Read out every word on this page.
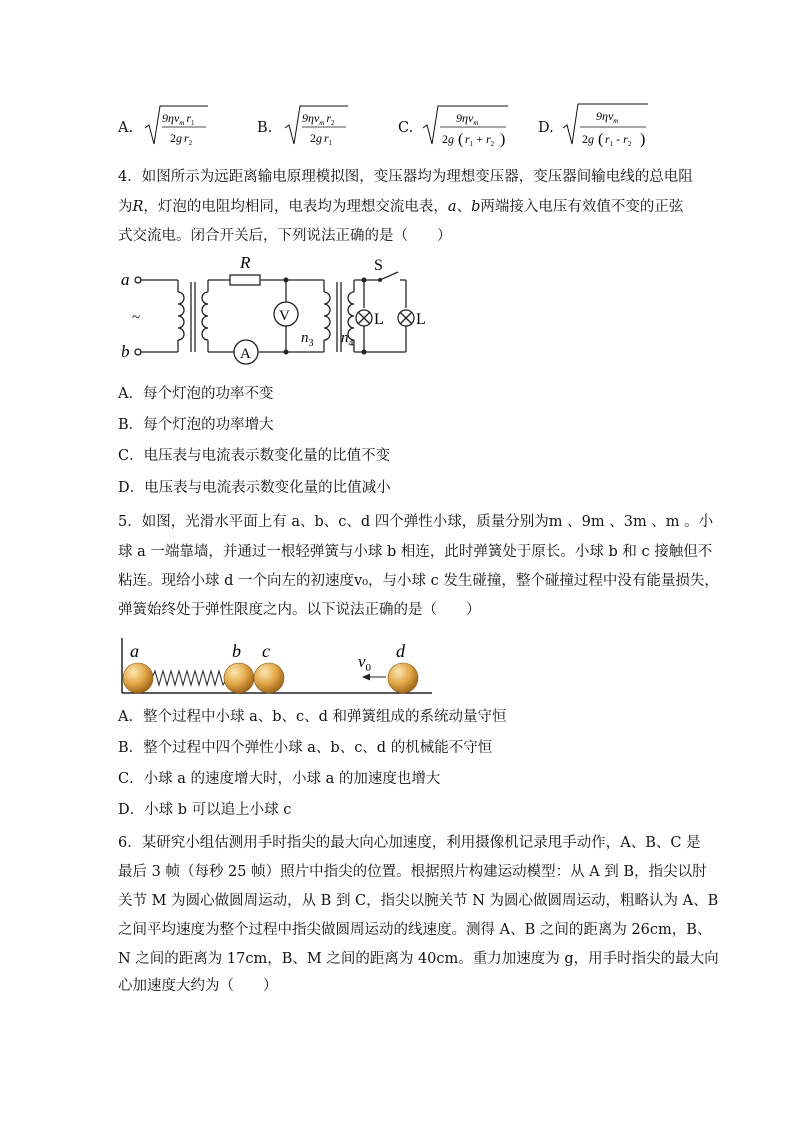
A.
$9\eta v_m$ $r_1$
2g $r_2$
B.
$9\eta v_m$ $r_2$
2g $r_1$
C.
$9\eta v_m$
2g ( $r_1 + r_2$ )
D.
$9\eta v_m$
2g ( $r_1 - r_2$ )
4．如图所示为远距离输电原理模拟图，变压器均为理想变压器，变压器间输电线的总电阻
为R，灯泡的电阻均相同，电表均为理想交流电表，a、b两端接入电压有效值不变的正弦
式交流电。闭合开关后，下列说法正确的是（　　）
a
b
~
R
V
A
$n_3$ $n_4$
S
L L
A．每个灯泡的功率不变
B．每个灯泡的功率增大
C．电压表与电流表示数变化量的比值不变
D．电压表与电流表示数变化量的比值减小
5．如图，光滑水平面上有 a、b、c、d 四个弹性小球，质量分别为m 、9m 、3m 、m 。小
球 a 一端靠墙，并通过一根轻弹簧与小球 b 相连，此时弹簧处于原长。小球 b 和 c 接触但不
粘连。现给小球 d 一个向左的初速度v₀，与小球 c 发生碰撞，整个碰撞过程中没有能量损失，
弹簧始终处于弹性限度之内。以下说法正确的是（　　）
a	b c	d
$v_0$
A．整个过程中小球 a、b、c、d 和弹簧组成的系统动量守恒
B．整个过程中四个弹性小球 a、b、c、d 的机械能不守恒
C．小球 a 的速度增大时，小球 a 的加速度也增大
D．小球 b 可以追上小球 c
6．某研究小组估测用手时指尖的最大向心加速度，利用摄像机记录甩手动作，A、B、C 是
最后 3 帧（每秒 25 帧）照片中指尖的位置。根据照片构建运动模型：从 A 到 B，指尖以肘
关节 M 为圆心做圆周运动，从 B 到 C，指尖以腕关节 N 为圆心做圆周运动，粗略认为 A、B
之间平均速度为整个过程中指尖做圆周运动的线速度。测得 A、B 之间的距离为 26cm，B、
N 之间的距离为 17cm，B、M 之间的距离为 40cm。重力加速度为 g，用手时指尖的最大向
心加速度大约为（　　）
